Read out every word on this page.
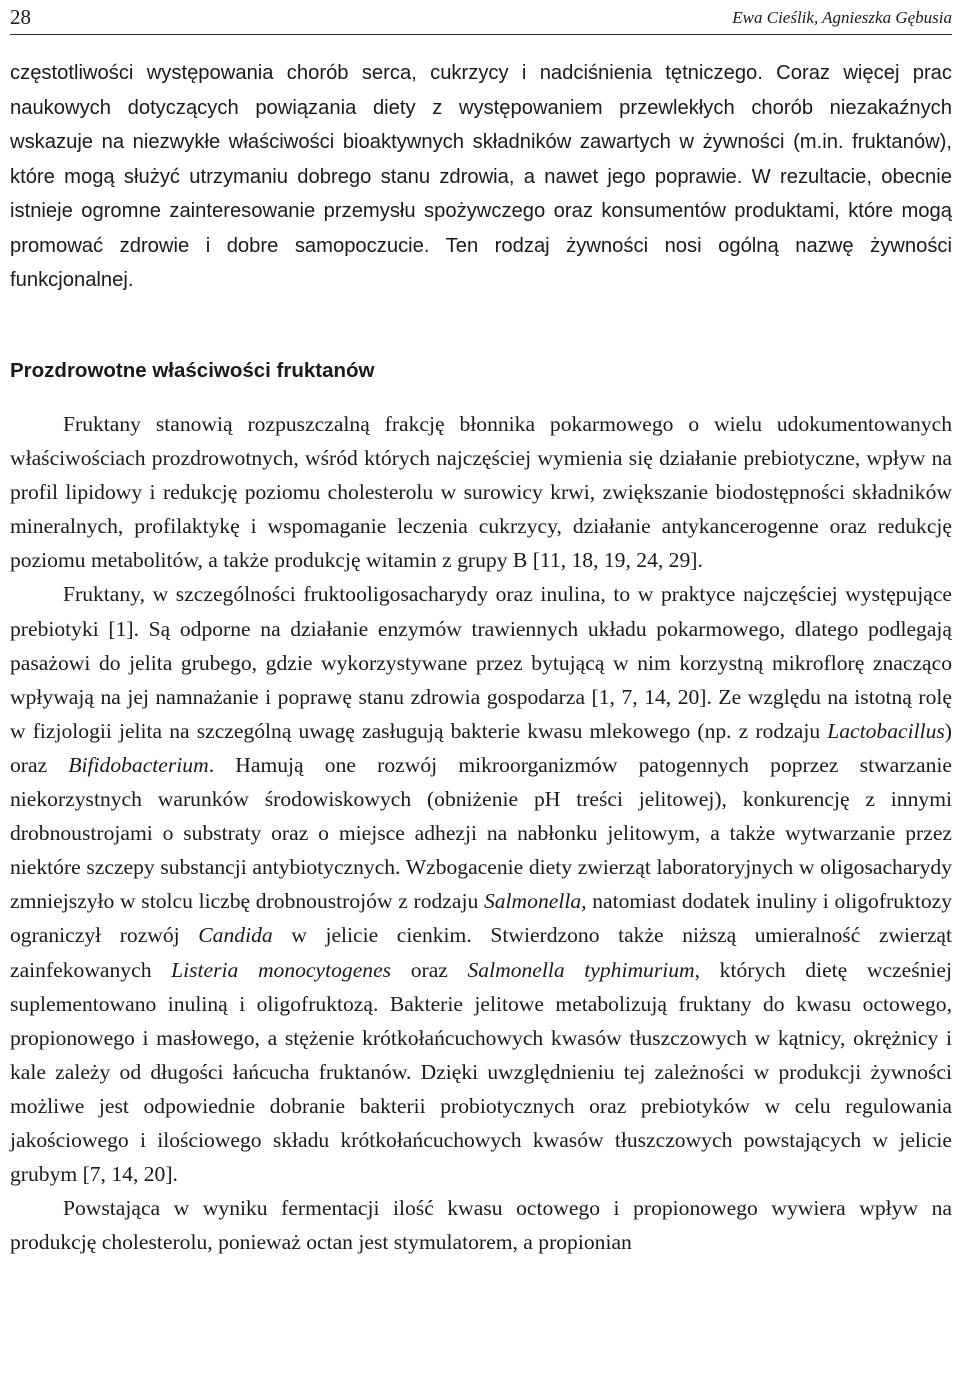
28	Ewa Cieślik, Agnieszka Gębusia

częstotliwości występowania chorób serca, cukrzycy i nadciśnienia tętniczego. Coraz więcej prac naukowych dotyczących powiązania diety z występowaniem przewlekłych chorób niezakaźnych wskazuje na niezwykłe właściwości bioaktywnych składników zawartych w żywności (m.in. fruktanów), które mogą służyć utrzymaniu dobrego stanu zdrowia, a nawet jego poprawie. W rezultacie, obecnie istnieje ogromne zainteresowanie przemysłu spożywczego oraz konsumentów produktami, które mogą promować zdrowie i dobre samopoczucie. Ten rodzaj żywności nosi ogólną nazwę żywności funkcjonalnej.

Prozdrowotne właściwości fruktanów

Fruktany stanowią rozpuszczalną frakcję błonnika pokarmowego o wielu udokumentowanych właściwościach prozdrowotnych, wśród których najczęściej wymienia się działanie prebiotyczne, wpływ na profil lipidowy i redukcję poziomu cholesterolu w surowicy krwi, zwiększanie biodostępności składników mineralnych, profilaktykę i wspomaganie leczenia cukrzycy, działanie antykancerogenne oraz redukcję poziomu metabolitów, a także produkcję witamin z grupy B [11, 18, 19, 24, 29].

Fruktany, w szczególności fruktooligosacharydy oraz inulina, to w praktyce najczęściej występujące prebiotyki [1]. Są odporne na działanie enzymów trawiennych układu pokarmowego, dlatego podlegają pasażowi do jelita grubego, gdzie wykorzystywane przez bytującą w nim korzystną mikroflorę znacząco wpływają na jej namnażanie i poprawę stanu zdrowia gospodarza [1, 7, 14, 20]. Ze względu na istotną rolę w fizjologii jelita na szczególną uwagę zasługują bakterie kwasu mlekowego (np. z rodzaju Lactobacillus) oraz Bifidobacterium. Hamują one rozwój mikroorganizmów patogennych poprzez stwarzanie niekorzystnych warunków środowiskowych (obniżenie pH treści jelitowej), konkurencję z innymi drobnoustrojami o substraty oraz o miejsce adhezji na nabłonku jelitowym, a także wytwarzanie przez niektóre szczepy substancji antybiotycznych. Wzbogacenie diety zwierząt laboratoryjnych w oligosacharydy zmniejszyło w stolcu liczbę drobnoustrojów z rodzaju Salmonella, natomiast dodatek inuliny i oligofruktozy ograniczył rozwój Candida w jelicie cienkim. Stwierdzono także niższą umieralność zwierząt zainfekowanych Listeria monocytogenes oraz Salmonella typhimurium, których dietę wcześniej suplementowano inuliną i oligofruktozą. Bakterie jelitowe metabolizują fruktany do kwasu octowego, propionowego i masłowego, a stężenie krótkołańcuchowych kwasów tłuszczowych w kątnicy, okrężnicy i kale zależy od długości łańcucha fruktanów. Dzięki uwzględnieniu tej zależności w produkcji żywności możliwe jest odpowiednie dobranie bakterii probiotycznych oraz prebiotyków w celu regulowania jakościowego i ilościowego składu krótkołańcuchowych kwasów tłuszczowych powstających w jelicie grubym [7, 14, 20].

Powstająca w wyniku fermentacji ilość kwasu octowego i propionowego wywiera wpływ na produkcję cholesterolu, ponieważ octan jest stymulatorem, a propionian
